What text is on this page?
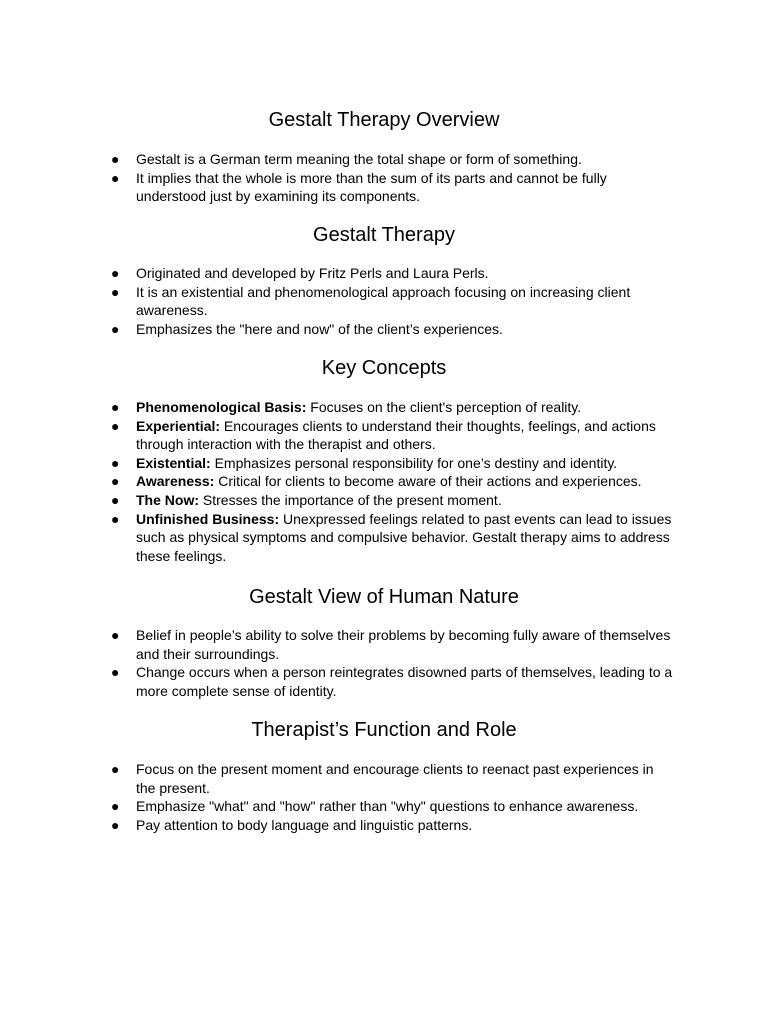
Gestalt Therapy Overview
● Gestalt is a German term meaning the total shape or form of something.
● It implies that the whole is more than the sum of its parts and cannot be fully understood just by examining its components.
Gestalt Therapy
● Originated and developed by Fritz Perls and Laura Perls.
● It is an existential and phenomenological approach focusing on increasing client awareness.
● Emphasizes the "here and now" of the client’s experiences.
Key Concepts
● Phenomenological Basis: Focuses on the client's perception of reality.
● Experiential: Encourages clients to understand their thoughts, feelings, and actions through interaction with the therapist and others.
● Existential: Emphasizes personal responsibility for one’s destiny and identity.
● Awareness: Critical for clients to become aware of their actions and experiences.
● The Now: Stresses the importance of the present moment.
● Unfinished Business: Unexpressed feelings related to past events can lead to issues such as physical symptoms and compulsive behavior. Gestalt therapy aims to address these feelings.
Gestalt View of Human Nature
● Belief in people’s ability to solve their problems by becoming fully aware of themselves and their surroundings.
● Change occurs when a person reintegrates disowned parts of themselves, leading to a more complete sense of identity.
Therapist’s Function and Role
● Focus on the present moment and encourage clients to reenact past experiences in the present.
● Emphasize "what" and "how" rather than "why" questions to enhance awareness.
● Pay attention to body language and linguistic patterns.
